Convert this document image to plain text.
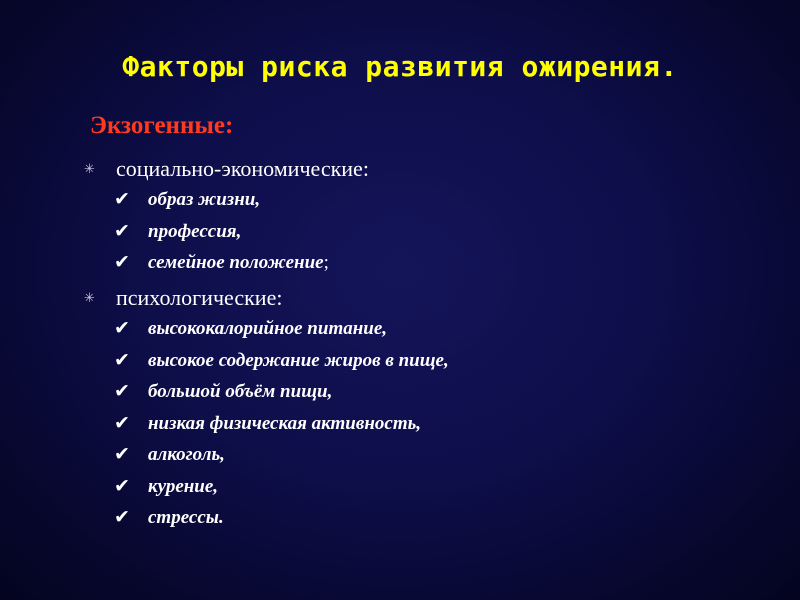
Факторы риска развития ожирения.
Экзогенные:
✳ социально-экономические:
✔ образ жизни,
✔ профессия,
✔ семейное положение ;
✳ психологические:
✔ высококалорийное питание,
✔ высокое содержание жиров в пище,
✔ большой объём пищи,
✔ низкая физическая активность,
✔ алкоголь,
✔ курение,
✔ стрессы.
